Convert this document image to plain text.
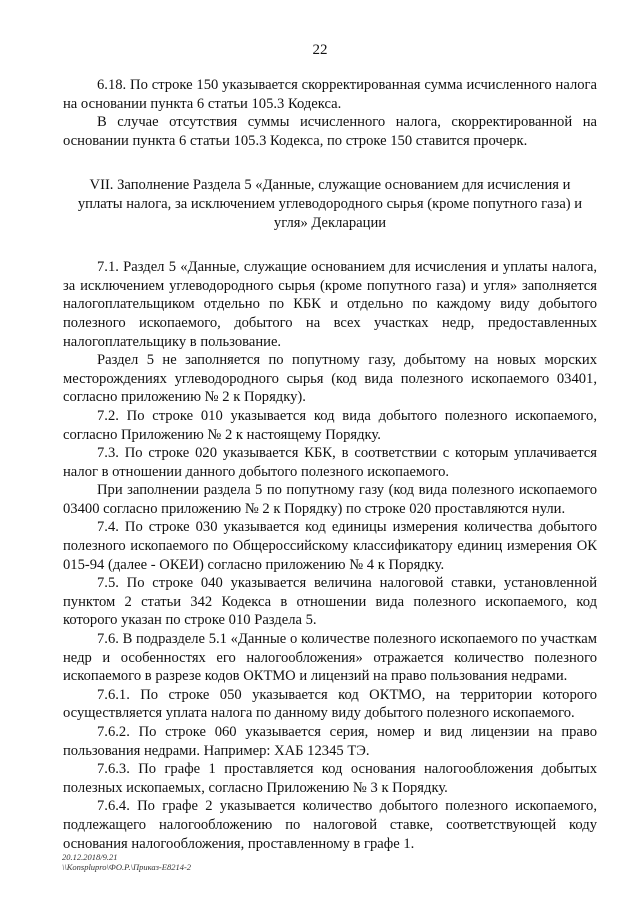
22

6.18. По строке 150 указывается скорректированная сумма исчисленного налога на основании пункта 6 статьи 105.3 Кодекса.

В случае отсутствия суммы исчисленного налога, скорректированной на основании пункта 6 статьи 105.3 Кодекса, по строке 150 ставится прочерк.

VII. Заполнение Раздела 5 «Данные, служащие основанием для исчисления и уплаты налога, за исключением углеводородного сырья (кроме попутного газа) и угля» Декларации

7.1. Раздел 5 «Данные, служащие основанием для исчисления и уплаты налога, за исключением углеводородного сырья (кроме попутного газа) и угля» заполняется налогоплательщиком отдельно по КБК и отдельно по каждому виду добытого полезного ископаемого, добытого на всех участках недр, предоставленных налогоплательщику в пользование.

Раздел 5 не заполняется по попутному газу, добытому на новых морских месторождениях углеводородного сырья (код вида полезного ископаемого 03401, согласно приложению № 2 к Порядку).

7.2. По строке 010 указывается код вида добытого полезного ископаемого, согласно Приложению № 2 к настоящему Порядку.

7.3. По строке 020 указывается КБК, в соответствии с которым уплачивается налог в отношении данного добытого полезного ископаемого.

При заполнении раздела 5 по попутному газу (код вида полезного ископаемого 03400 согласно приложению № 2 к Порядку) по строке 020 проставляются нули.

7.4. По строке 030 указывается код единицы измерения количества добытого полезного ископаемого по Общероссийскому классификатору единиц измерения ОК 015-94 (далее - ОКЕИ) согласно приложению № 4 к Порядку.

7.5. По строке 040 указывается величина налоговой ставки, установленной пунктом 2 статьи 342 Кодекса в отношении вида полезного ископаемого, код которого указан по строке 010 Раздела 5.

7.6. В подразделе 5.1 «Данные о количестве полезного ископаемого по участкам недр и особенностях его налогообложения» отражается количество полезного ископаемого в разрезе кодов ОКТМО и лицензий на право пользования недрами.

7.6.1. По строке 050 указывается код ОКТМО, на территории которого осуществляется уплата налога по данному виду добытого полезного ископаемого.

7.6.2. По строке 060 указывается серия, номер и вид лицензии на право пользования недрами. Например: ХАБ 12345 ТЭ.

7.6.3. По графе 1 проставляется код основания налогообложения добытых полезных ископаемых, согласно Приложению № 3 к Порядку.

7.6.4. По графе 2 указывается количество добытого полезного ископаемого, подлежащего налогообложению по налоговой ставке, соответствующей коду основания налогообложения, проставленному в графе 1.

20.12.2018/9.21
\\Konsplupro\ФО.Р.\Приказ-E8214-2
